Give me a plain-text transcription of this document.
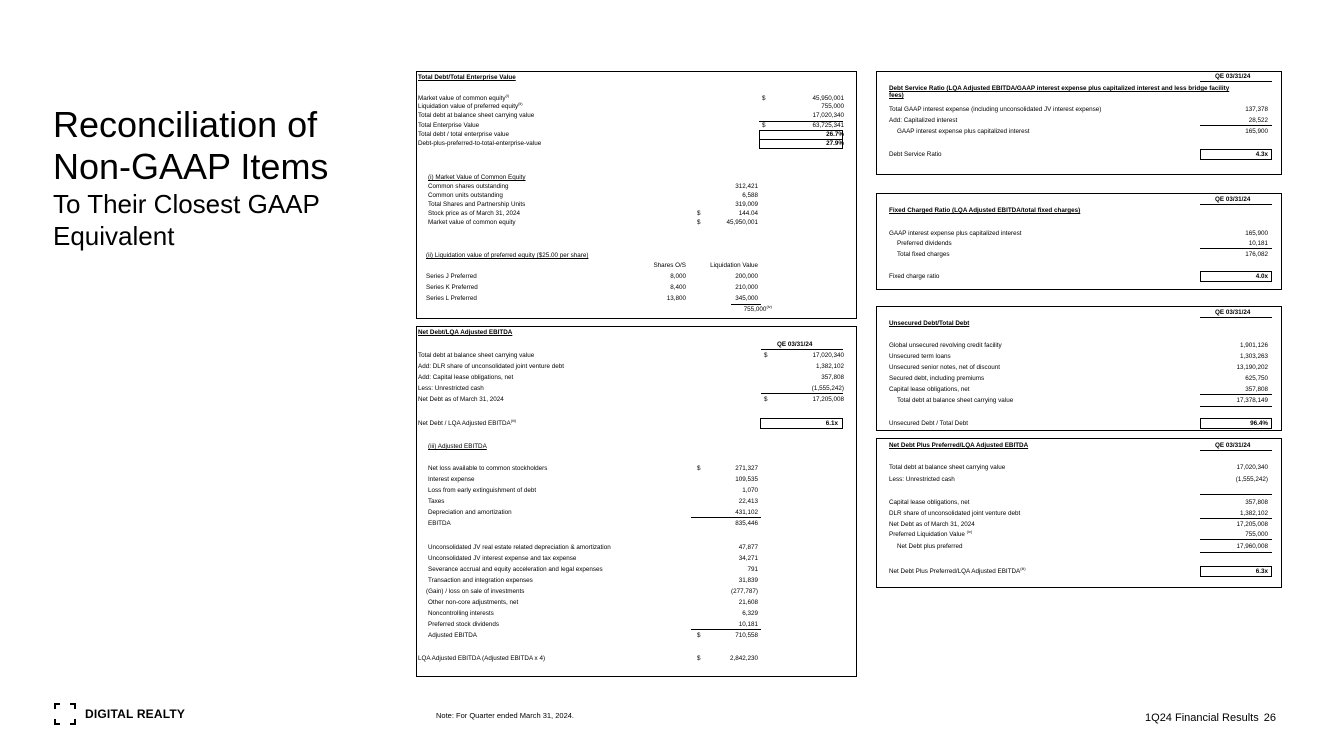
Reconciliation of
Non-GAAP Items
To Their Closest GAAP
Equivalent
DIGITAL REALTY	Note: For Quarter ended March 31, 2024.	1Q24 Financial Results 26
Total Debt/Total Enterprise Value
Market value of common equity$^{(i)}$	$	45,950,001
Liquidation value of preferred equity$^{(ii)}$	755,000
Total debt at balance sheet carrying value	17,020,340
Total Enterprise Value	$	63,725,341
Total debt / total enterprise value	26.7%
Debt-plus-preferred-to-total-enterprise-value	27.9%
(i) Market Value of Common Equity
Common shares outstanding	312,421
Common units outstanding	6,588
Total Shares and Partnership Units	319,009
Stock price as of March 31, 2024	$	144.04
Market value of common equity	$	45,950,001
(ii) Liquidation value of preferred equity ($25.00 per share)
Shares O/S	Liquidation Value
Series J Preferred	8,000	200,000
Series K Preferred	8,400	210,000
Series L Preferred	13,800	345,000
755,000$^{(iv)}$
Net Debt/LQA Adjusted EBITDA
QE 03/31/24
Total debt at balance sheet carrying value	$	17,020,340
Add: DLR share of unconsolidated joint venture debt	1,382,102
Add: Capital lease obligations, net	357,808
Less: Unrestricted cash	(1,555,242)
Net Debt as of March 31, 2024	$	17,205,008
Net Debt / LQA Adjusted EBITDA$^{(iii)}$	6.1x
(iii) Adjusted EBITDA
Net loss available to common stockholders	$	271,327
Interest expense	109,535
Loss from early extinguishment of debt	1,070
Taxes	22,413
Depreciation and amortization	431,102
EBITDA	835,446
Unconsolidated JV real estate related depreciation & amortization	47,877
Unconsolidated JV interest expense and tax expense	34,271
Severance accrual and equity acceleration and legal expenses	791
Transaction and integration expenses	31,839
(Gain) / loss on sale of investments	(277,787)
Other non-core adjustments, net	21,608
Noncontrolling interests	6,329
Preferred stock dividends	10,181
Adjusted EBITDA	$	710,558
LQA Adjusted EBITDA (Adjusted EBITDA x 4)	$	2,842,230
QE 03/31/24
Debt Service Ratio (LQA Adjusted EBITDA/GAAP interest expense plus capitalized interest and less bridge facility
fees)
Total GAAP interest expense (including unconsolidated JV interest expense)	137,378
Add: Capitalized interest	28,522
GAAP interest expense plus capitalized interest	165,900
Debt Service Ratio	4.3x
QE 03/31/24
Fixed Charged Ratio (LQA Adjusted EBITDA/total fixed charges)
GAAP interest expense plus capitalized interest	165,900
Preferred dividends	10,181
Total fixed charges	176,082
Fixed charge ratio	4.0x
QE 03/31/24
Unsecured Debt/Total Debt
Global unsecured revolving credit facility	1,901,126
Unsecured term loans	1,303,263
Unsecured senior notes, net of discount	13,190,202
Secured debt, including premiums	625,750
Capital lease obligations, net	357,808
Total debt at balance sheet carrying value	17,378,149
Unsecured Debt / Total Debt	96.4%
Net Debt Plus Preferred/LQA Adjusted EBITDA	QE 03/31/24
Total debt at balance sheet carrying value	17,020,340
Less: Unrestricted cash	(1,555,242)
Capital lease obligations, net	357,808
DLR share of unconsolidated joint venture debt	1,382,102
Net Debt as of March 31, 2024	17,205,008
Preferred Liquidation Value $^{(iv)}$	755,000
Net Debt plus preferred	17,960,008
Net Debt Plus Preferred/LQA Adjusted EBITDA$^{(iii)}$	6.3x
